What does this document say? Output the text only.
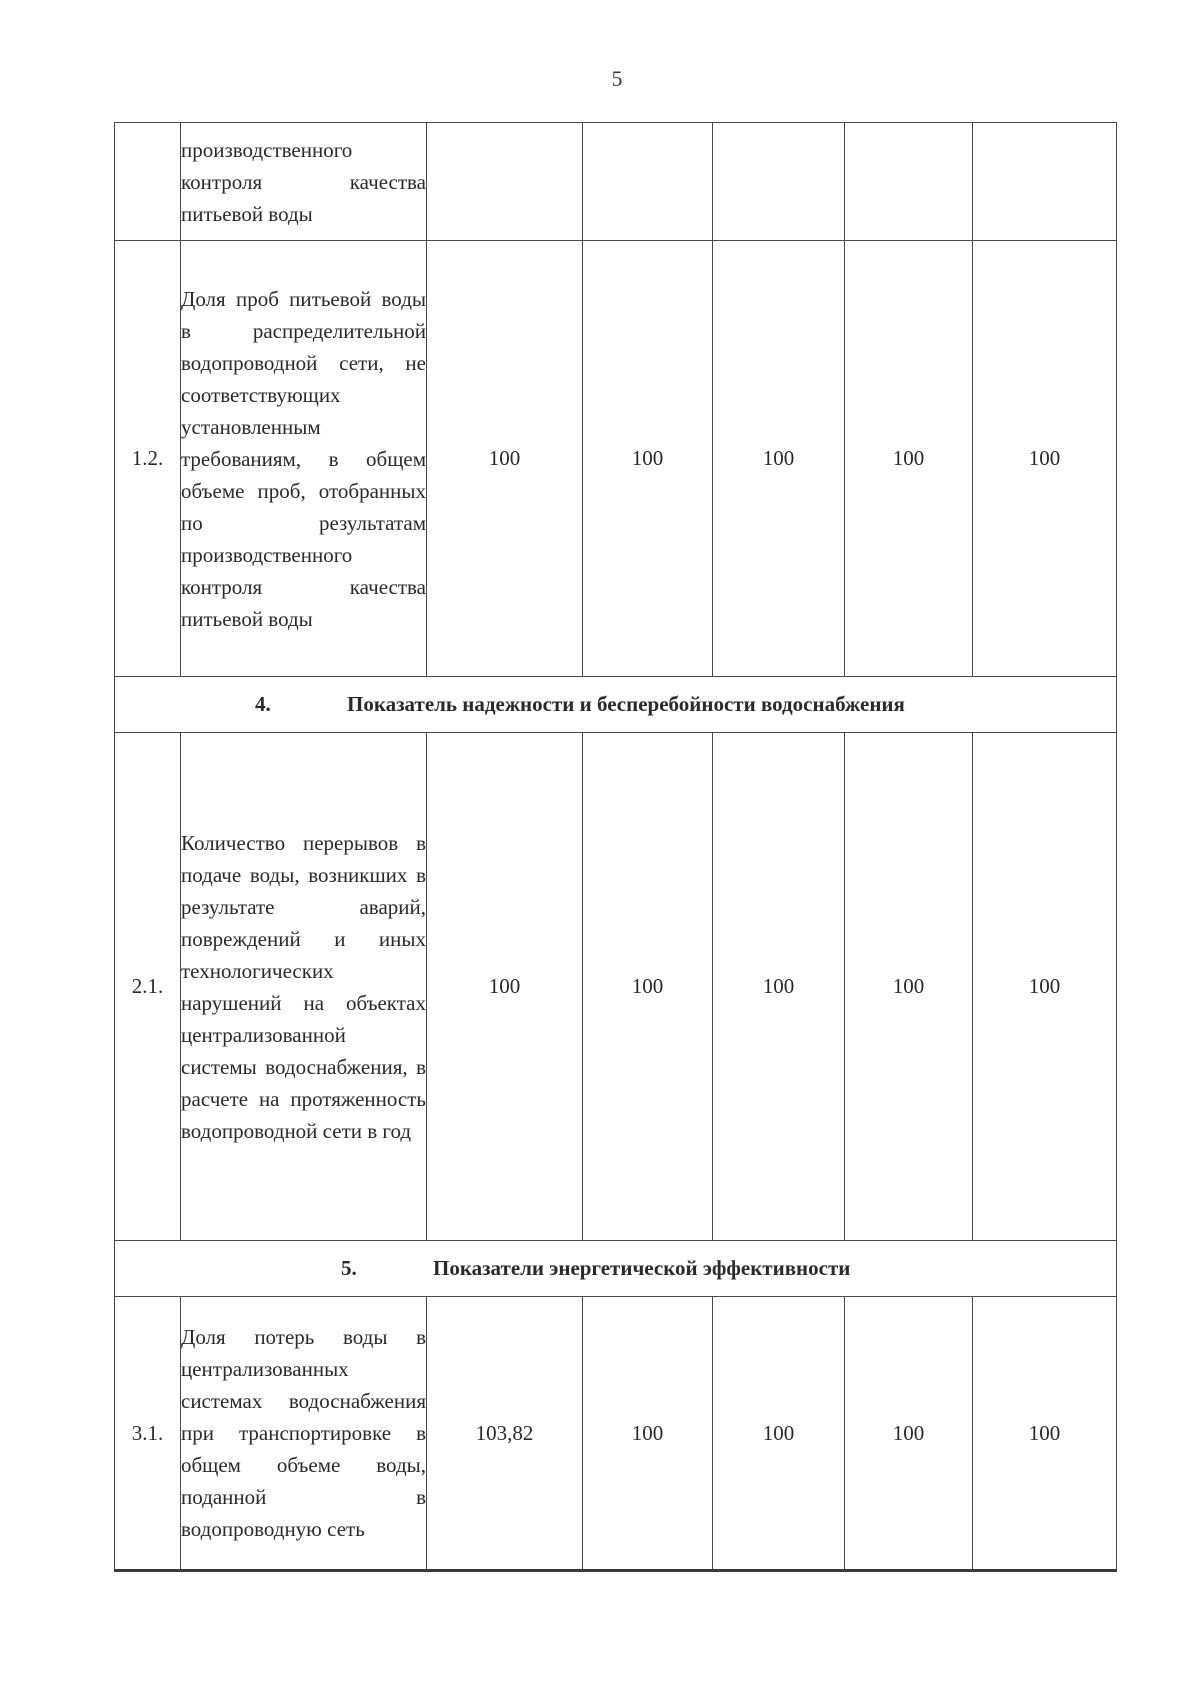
5
	производственного контроля качества питьевой воды					
1.2.	Доля проб питьевой воды в распределительной водопроводной сети, не соответствующих установленным требованиям, в общем объеме проб, отобранных по результатам производственного контроля качества питьевой воды	100	100	100	100	100
4. Показатель надежности и бесперебойности водоснабжения						
2.1.	Количество перерывов в подаче воды, возникших в результате аварий, повреждений и иных технологических нарушений на объектах централизованной системы водоснабжения, в расчете на протяженность водопроводной сети в год	100	100	100	100	100
5. Показатели энергетической эффективности						
3.1.	Доля потерь воды в централизованных системах водоснабжения при транспортировке в общем объеме воды, поданной в водопроводную сеть	103,82	100	100	100	100
